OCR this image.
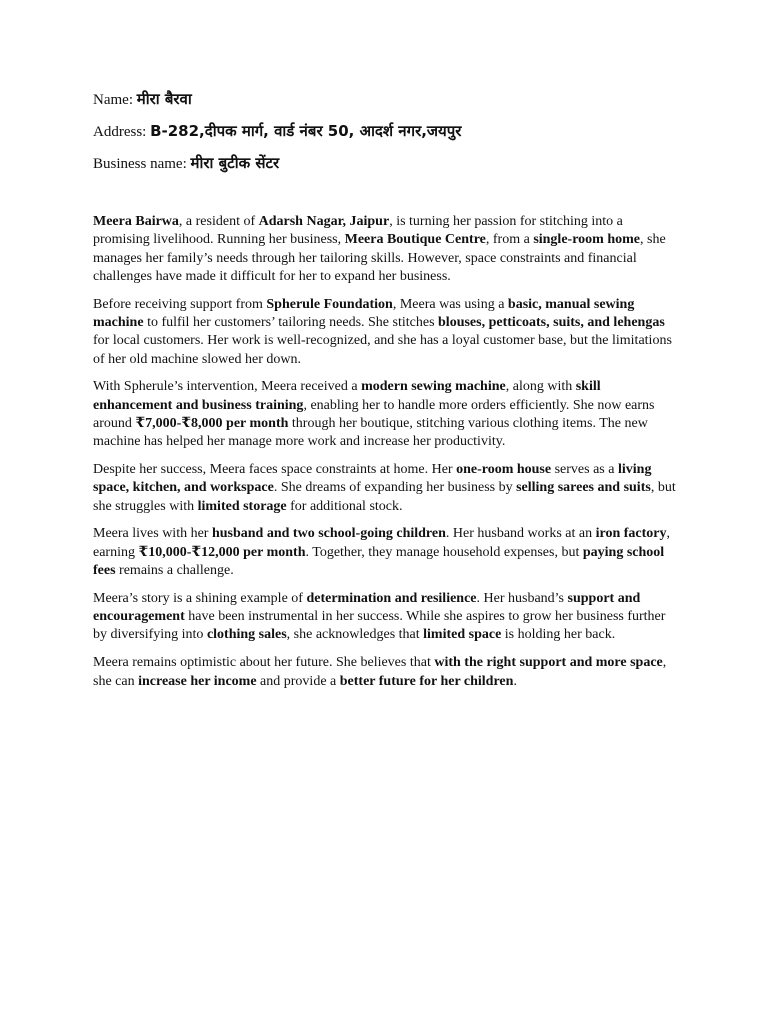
Name: मीरा बैरवा
Address: B-282,दीपक मार्ग, वार्ड नंबर 50, आदर्श नगर,जयपुर
Business name: मीरा बुटीक सेंटर

Meera Bairwa, a resident of Adarsh Nagar, Jaipur, is turning her passion for stitching into a promising livelihood. Running her business, Meera Boutique Centre, from a single-room home, she manages her family’s needs through her tailoring skills. However, space constraints and financial challenges have made it difficult for her to expand her business.

Before receiving support from Spherule Foundation, Meera was using a basic, manual sewing machine to fulfil her customers’ tailoring needs. She stitches blouses, petticoats, suits, and lehengas for local customers. Her work is well-recognized, and she has a loyal customer base, but the limitations of her old machine slowed her down.

With Spherule’s intervention, Meera received a modern sewing machine, along with skill enhancement and business training, enabling her to handle more orders efficiently. She now earns around ₹7,000-₹8,000 per month through her boutique, stitching various clothing items. The new machine has helped her manage more work and increase her productivity.

Despite her success, Meera faces space constraints at home. Her one-room house serves as a living space, kitchen, and workspace. She dreams of expanding her business by selling sarees and suits, but she struggles with limited storage for additional stock.

Meera lives with her husband and two school-going children. Her husband works at an iron factory, earning ₹10,000-₹12,000 per month. Together, they manage household expenses, but paying school fees remains a challenge.

Meera’s story is a shining example of determination and resilience. Her husband’s support and encouragement have been instrumental in her success. While she aspires to grow her business further by diversifying into clothing sales, she acknowledges that limited space is holding her back.

Meera remains optimistic about her future. She believes that with the right support and more space, she can increase her income and provide a better future for her children.
